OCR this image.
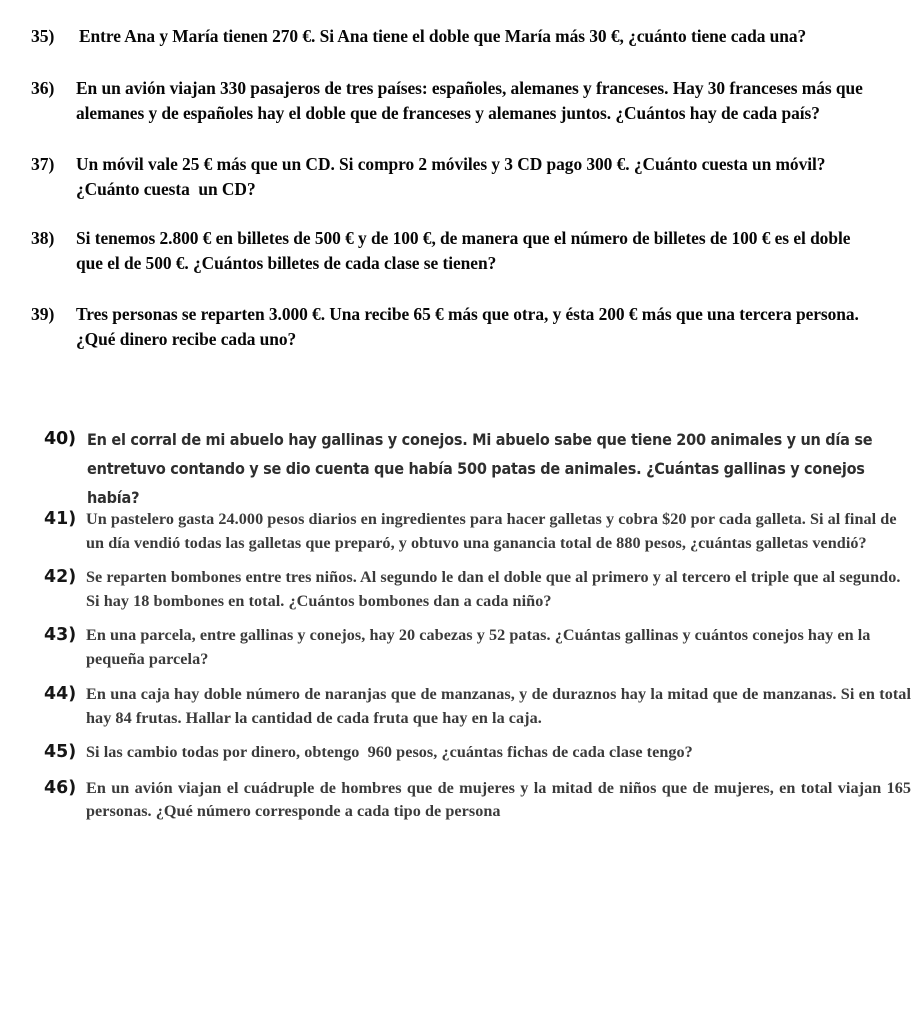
35)	Entre Ana y María tienen 270 €. Si Ana tiene el doble que María más 30 €, ¿cuánto tiene cada una?
36)	En un avión viajan 330 pasajeros de tres países: españoles, alemanes y franceses. Hay 30 franceses más que alemanes y de españoles hay el doble que de franceses y alemanes juntos. ¿Cuántos hay de cada país?
37)	Un móvil vale 25 € más que un CD. Si compro 2 móviles y 3 CD pago 300 €. ¿Cuánto cuesta un móvil? ¿Cuánto cuesta  un CD?
38)	Si tenemos 2.800 € en billetes de 500 € y de 100 €, de manera que el número de billetes de 100 € es el doble que el de 500 €. ¿Cuántos billetes de cada clase se tienen?
39)	Tres personas se reparten 3.000 €. Una recibe 65 € más que otra, y ésta 200 € más que una tercera persona. ¿Qué dinero recibe cada uno?
40) En el corral de mi abuelo hay gallinas y conejos. Mi abuelo sabe que tiene 200 animales y un día se entretuvo contando y se dio cuenta que había 500 patas de animales. ¿Cuántas gallinas y conejos había?
41) Un pastelero gasta 24.000 pesos diarios en ingredientes para hacer galletas y cobra $20 por cada galleta. Si al final de un día vendió todas las galletas que preparó, y obtuvo una ganancia total de 880 pesos, ¿cuántas galletas vendió?
42) Se reparten bombones entre tres niños. Al segundo le dan el doble que al primero y al tercero el triple que al segundo. Si hay 18 bombones en total. ¿Cuántos bombones dan a cada niño?
43) En una parcela, entre gallinas y conejos, hay 20 cabezas y 52 patas. ¿Cuántas gallinas y cuántos conejos hay en la pequeña parcela?
44) En una caja hay doble número de naranjas que de manzanas, y de duraznos hay la mitad que de manzanas. Si en total hay 84 frutas. Hallar la cantidad de cada fruta que hay en la caja.
45) Si las cambio todas por dinero, obtengo  960 pesos, ¿cuántas fichas de cada clase tengo?
46) En un avión viajan el cuádruple de hombres que de mujeres y la mitad de niños que de mujeres, en total viajan 165 personas. ¿Qué número corresponde a cada tipo de persona
